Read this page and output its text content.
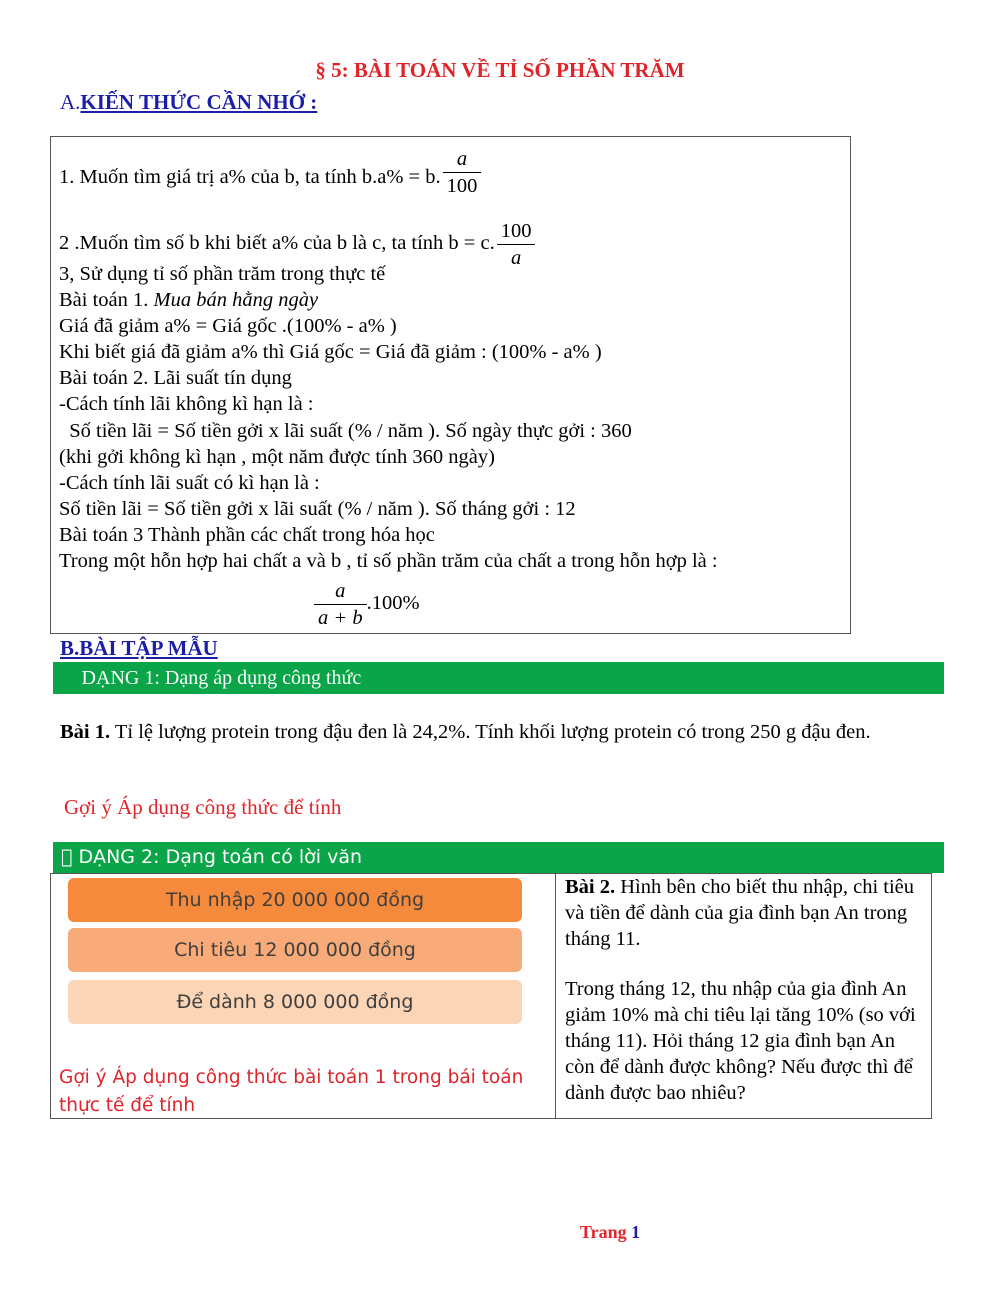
§ 5: BÀI TOÁN VỀ TỈ SỐ PHẦN TRĂM
A.KIẾN THỨC CẦN NHỚ :
1. Muốn tìm giá trị a% của b, ta tính b.a% = b. $\frac{a}{100}$
2 .Muốn tìm số b khi biết a% của b là c, ta tính b = c. $\frac{100}{a}$
3, Sử dụng tỉ số phần trăm trong thực tế
Bài toán 1. Mua bán hằng ngày
Giá đã giảm a% = Giá gốc .(100% - a% )
Khi biết giá đã giảm a% thì Giá gốc = Giá đã giảm : (100% - a% )
Bài toán 2. Lãi suất tín dụng
-Cách tính lãi không kì hạn là :
Số tiền lãi = Số tiền gởi x lãi suất (% / năm ). Số ngày thực gởi : 360
(khi gởi không kì hạn , một năm được tính 360 ngày)
-Cách tính lãi suất có kì hạn là :
Số tiền lãi = Số tiền gởi x lãi suất (% / năm ). Số tháng gởi : 12
Bài toán 3 Thành phần các chất trong hóa học
Trong một hỗn hợp hai chất a và b , tỉ số phần trăm của chất a trong hỗn hợp là :
$\frac{a}{a + b} .100\%$
B.BÀI TẬP MẪU
DẠNG 1: Dạng áp dụng công thức
Bài 1. Tỉ lệ lượng protein trong đậu đen là 24,2%. Tính khối lượng protein có trong 250 g đậu đen.
Gợi ý Áp dụng công thức để tính
DẠNG 2: Dạng toán có lời văn
Thu nhập 20 000 000 đồng
Chi tiêu 12 000 000 đồng
Để dành 8 000 000 đồng
Gợi ý Áp dụng công thức bài toán 1 trong bái toán thực tế để tính

Bài 2. Hình bên cho biết thu nhập, chi tiêu và tiền để dành của gia đình bạn An trong tháng 11.

Trong tháng 12, thu nhập của gia đình An giảm 10% mà chi tiêu lại tăng 10% (so với tháng 11). Hỏi tháng 12 gia đình bạn An còn để dành được không? Nếu được thì để dành được bao nhiêu?

Trang 1
